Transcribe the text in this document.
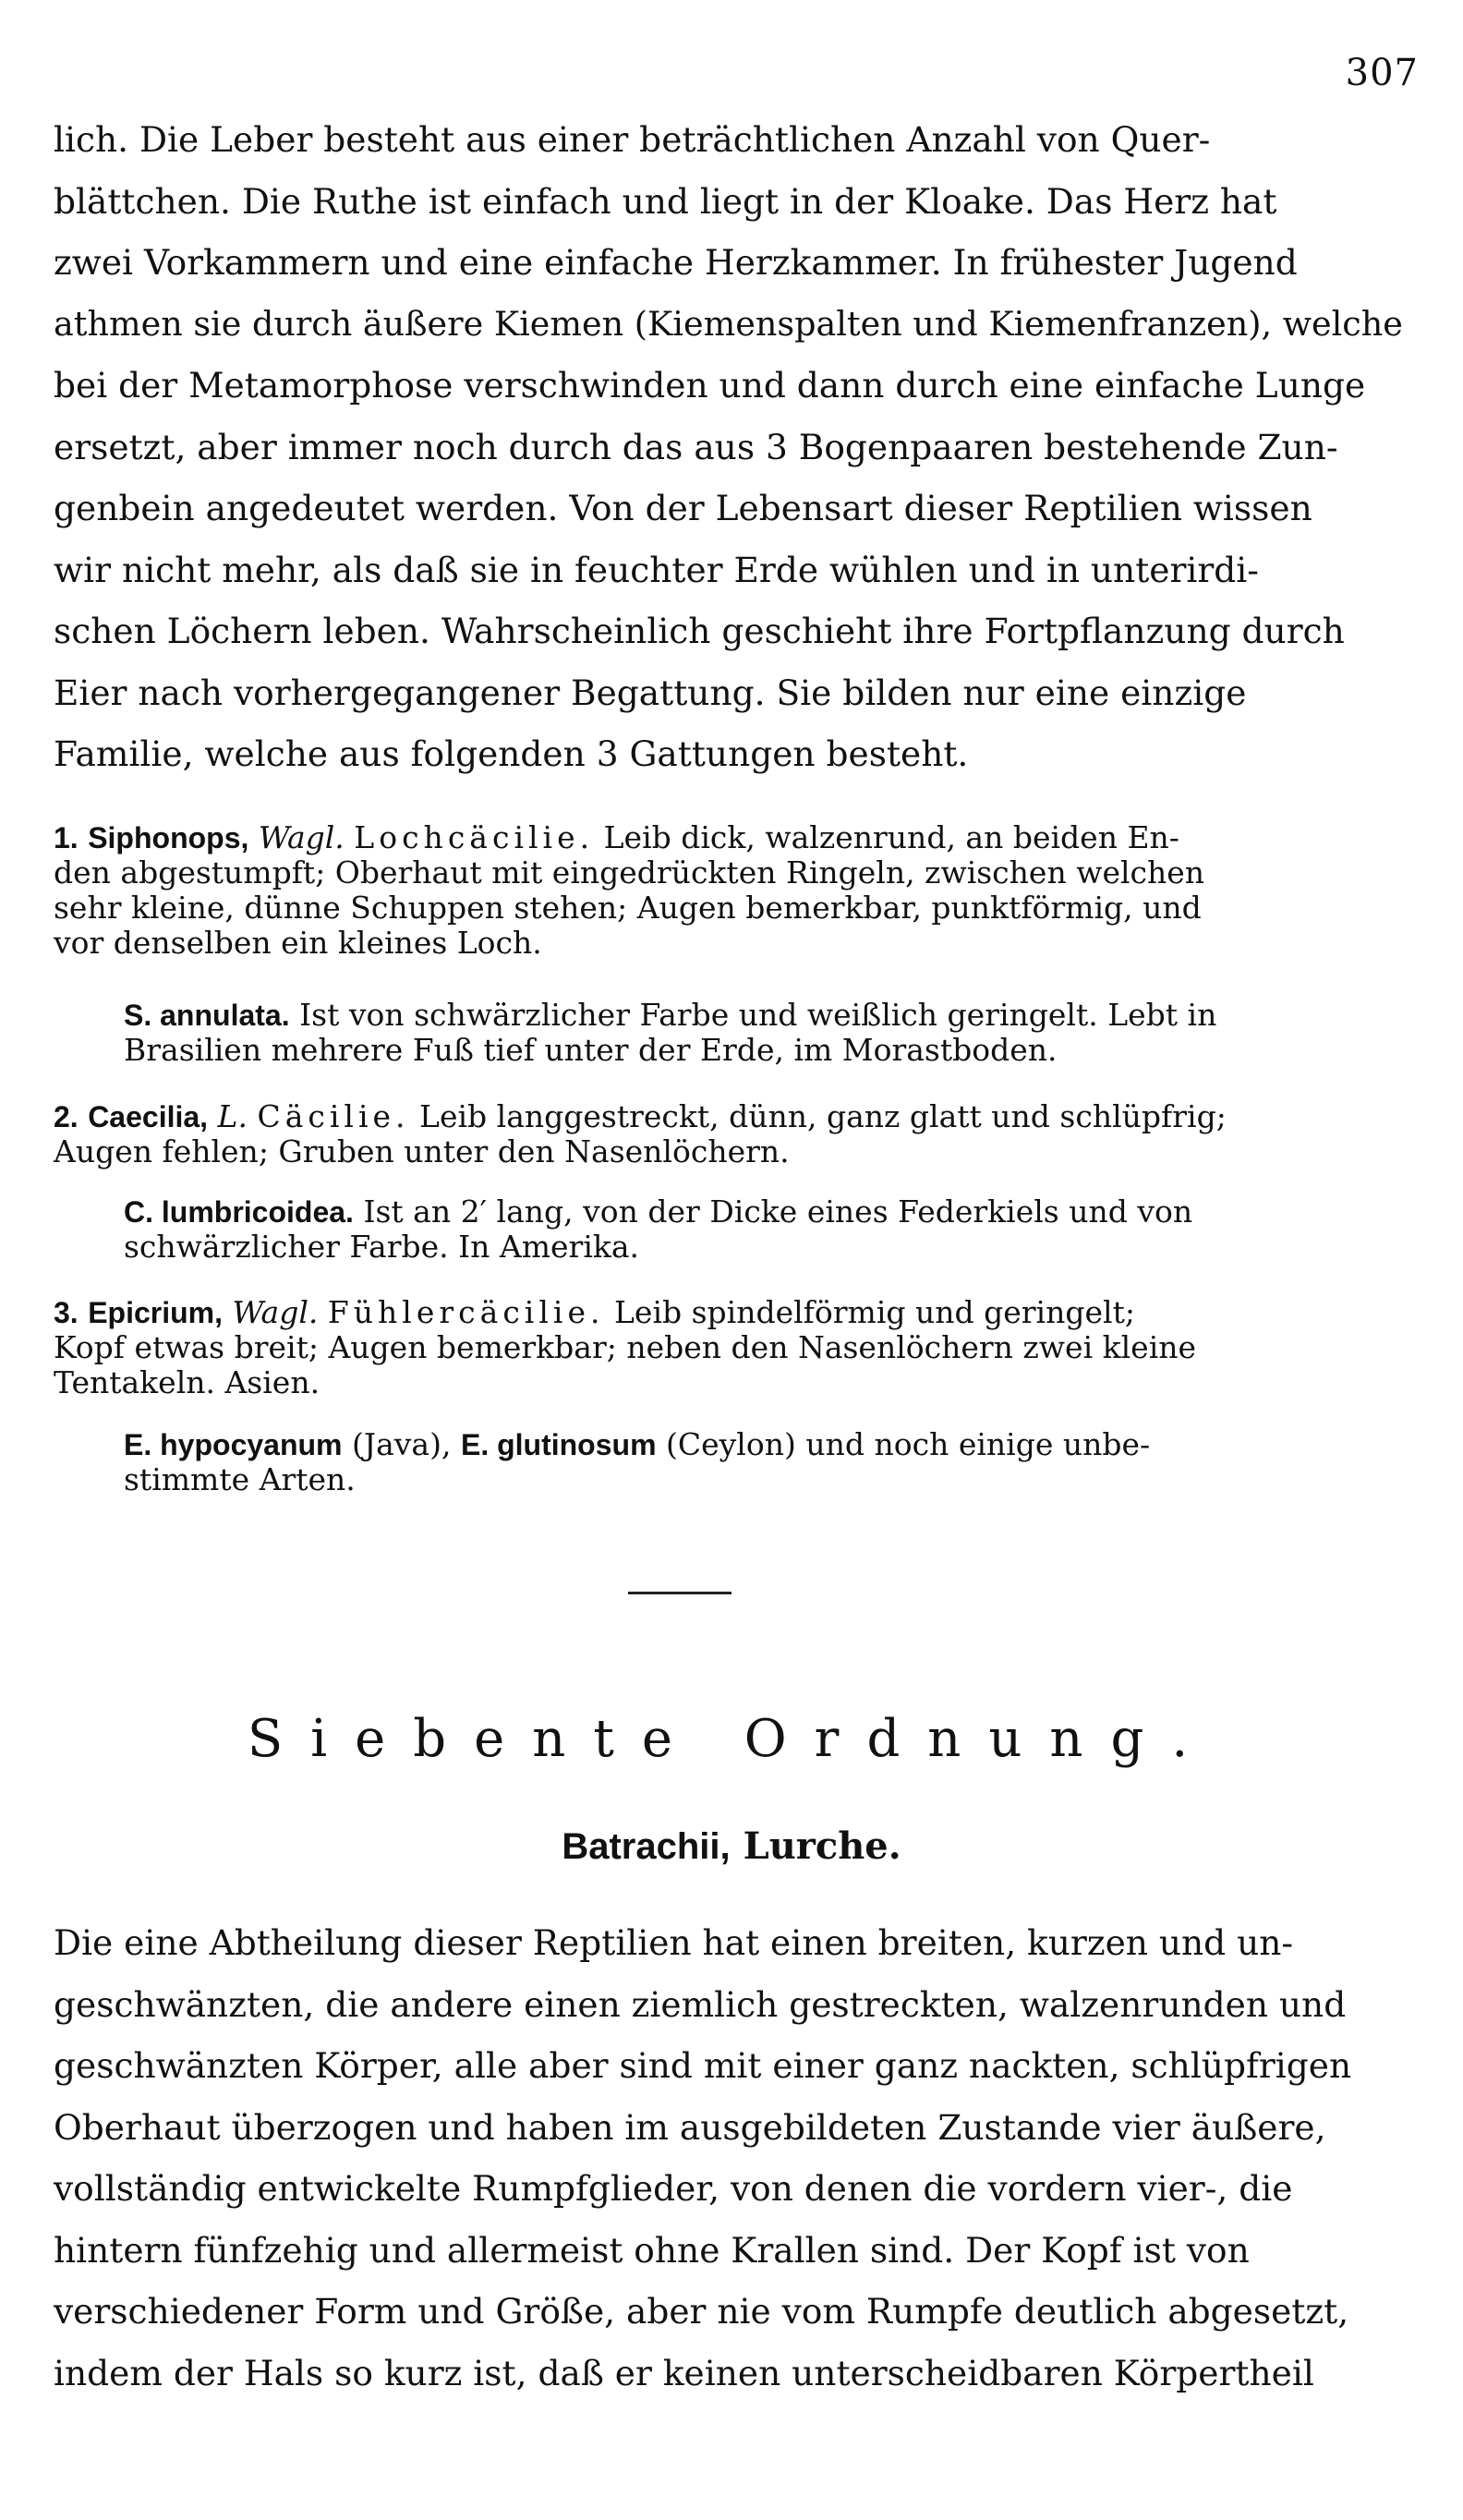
307
lich. Die Leber besteht aus einer beträchtlichen Anzahl von Quer-
blättchen. Die Ruthe ist einfach und liegt in der Kloake. Das Herz hat
zwei Vorkammern und eine einfache Herzkammer. In frühester Jugend
athmen sie durch äußere Kiemen (Kiemenspalten und Kiemenfranzen), welche
bei der Metamorphose verschwinden und dann durch eine einfache Lunge
ersetzt, aber immer noch durch das aus 3 Bogenpaaren bestehende Zun-
genbein angedeutet werden. Von der Lebensart dieser Reptilien wissen
wir nicht mehr, als daß sie in feuchter Erde wühlen und in unterirdi-
schen Löchern leben. Wahrscheinlich geschieht ihre Fortpflanzung durch
Eier nach vorhergegangener Begattung. Sie bilden nur eine einzige
Familie, welche aus folgenden 3 Gattungen besteht.
1. Siphonops, Wagl. Lochcäcilie. Leib dick, walzenrund, an beiden En-
den abgestumpft; Oberhaut mit eingedrückten Ringeln, zwischen welchen
sehr kleine, dünne Schuppen stehen; Augen bemerkbar, punktförmig, und
vor denselben ein kleines Loch.
S. annulata. Ist von schwärzlicher Farbe und weißlich geringelt. Lebt in
Brasilien mehrere Fuß tief unter der Erde, im Morastboden.
2. Caecilia, L. Cäcilie. Leib langgestreckt, dünn, ganz glatt und schlüpfrig;
Augen fehlen; Gruben unter den Nasenlöchern.
C. lumbricoidea. Ist an 2′ lang, von der Dicke eines Federkiels und von
schwärzlicher Farbe. In Amerika.
3. Epicrium, Wagl. Fühlercäcilie. Leib spindelförmig und geringelt;
Kopf etwas breit; Augen bemerkbar; neben den Nasenlöchern zwei kleine
Tentakeln. Asien.
E. hypocyanum (Java), E. glutinosum (Ceylon) und noch einige unbe-
stimmte Arten.
Siebente Ordnung.
Batrachii, Lurche.
Die eine Abtheilung dieser Reptilien hat einen breiten, kurzen und un-
geschwänzten, die andere einen ziemlich gestreckten, walzenrunden und
geschwänzten Körper, alle aber sind mit einer ganz nackten, schlüpfrigen
Oberhaut überzogen und haben im ausgebildeten Zustande vier äußere,
vollständig entwickelte Rumpfglieder, von denen die vordern vier-, die
hintern fünfzehig und allermeist ohne Krallen sind. Der Kopf ist von
verschiedener Form und Größe, aber nie vom Rumpfe deutlich abgesetzt,
indem der Hals so kurz ist, daß er keinen unterscheidbaren Körpertheil
